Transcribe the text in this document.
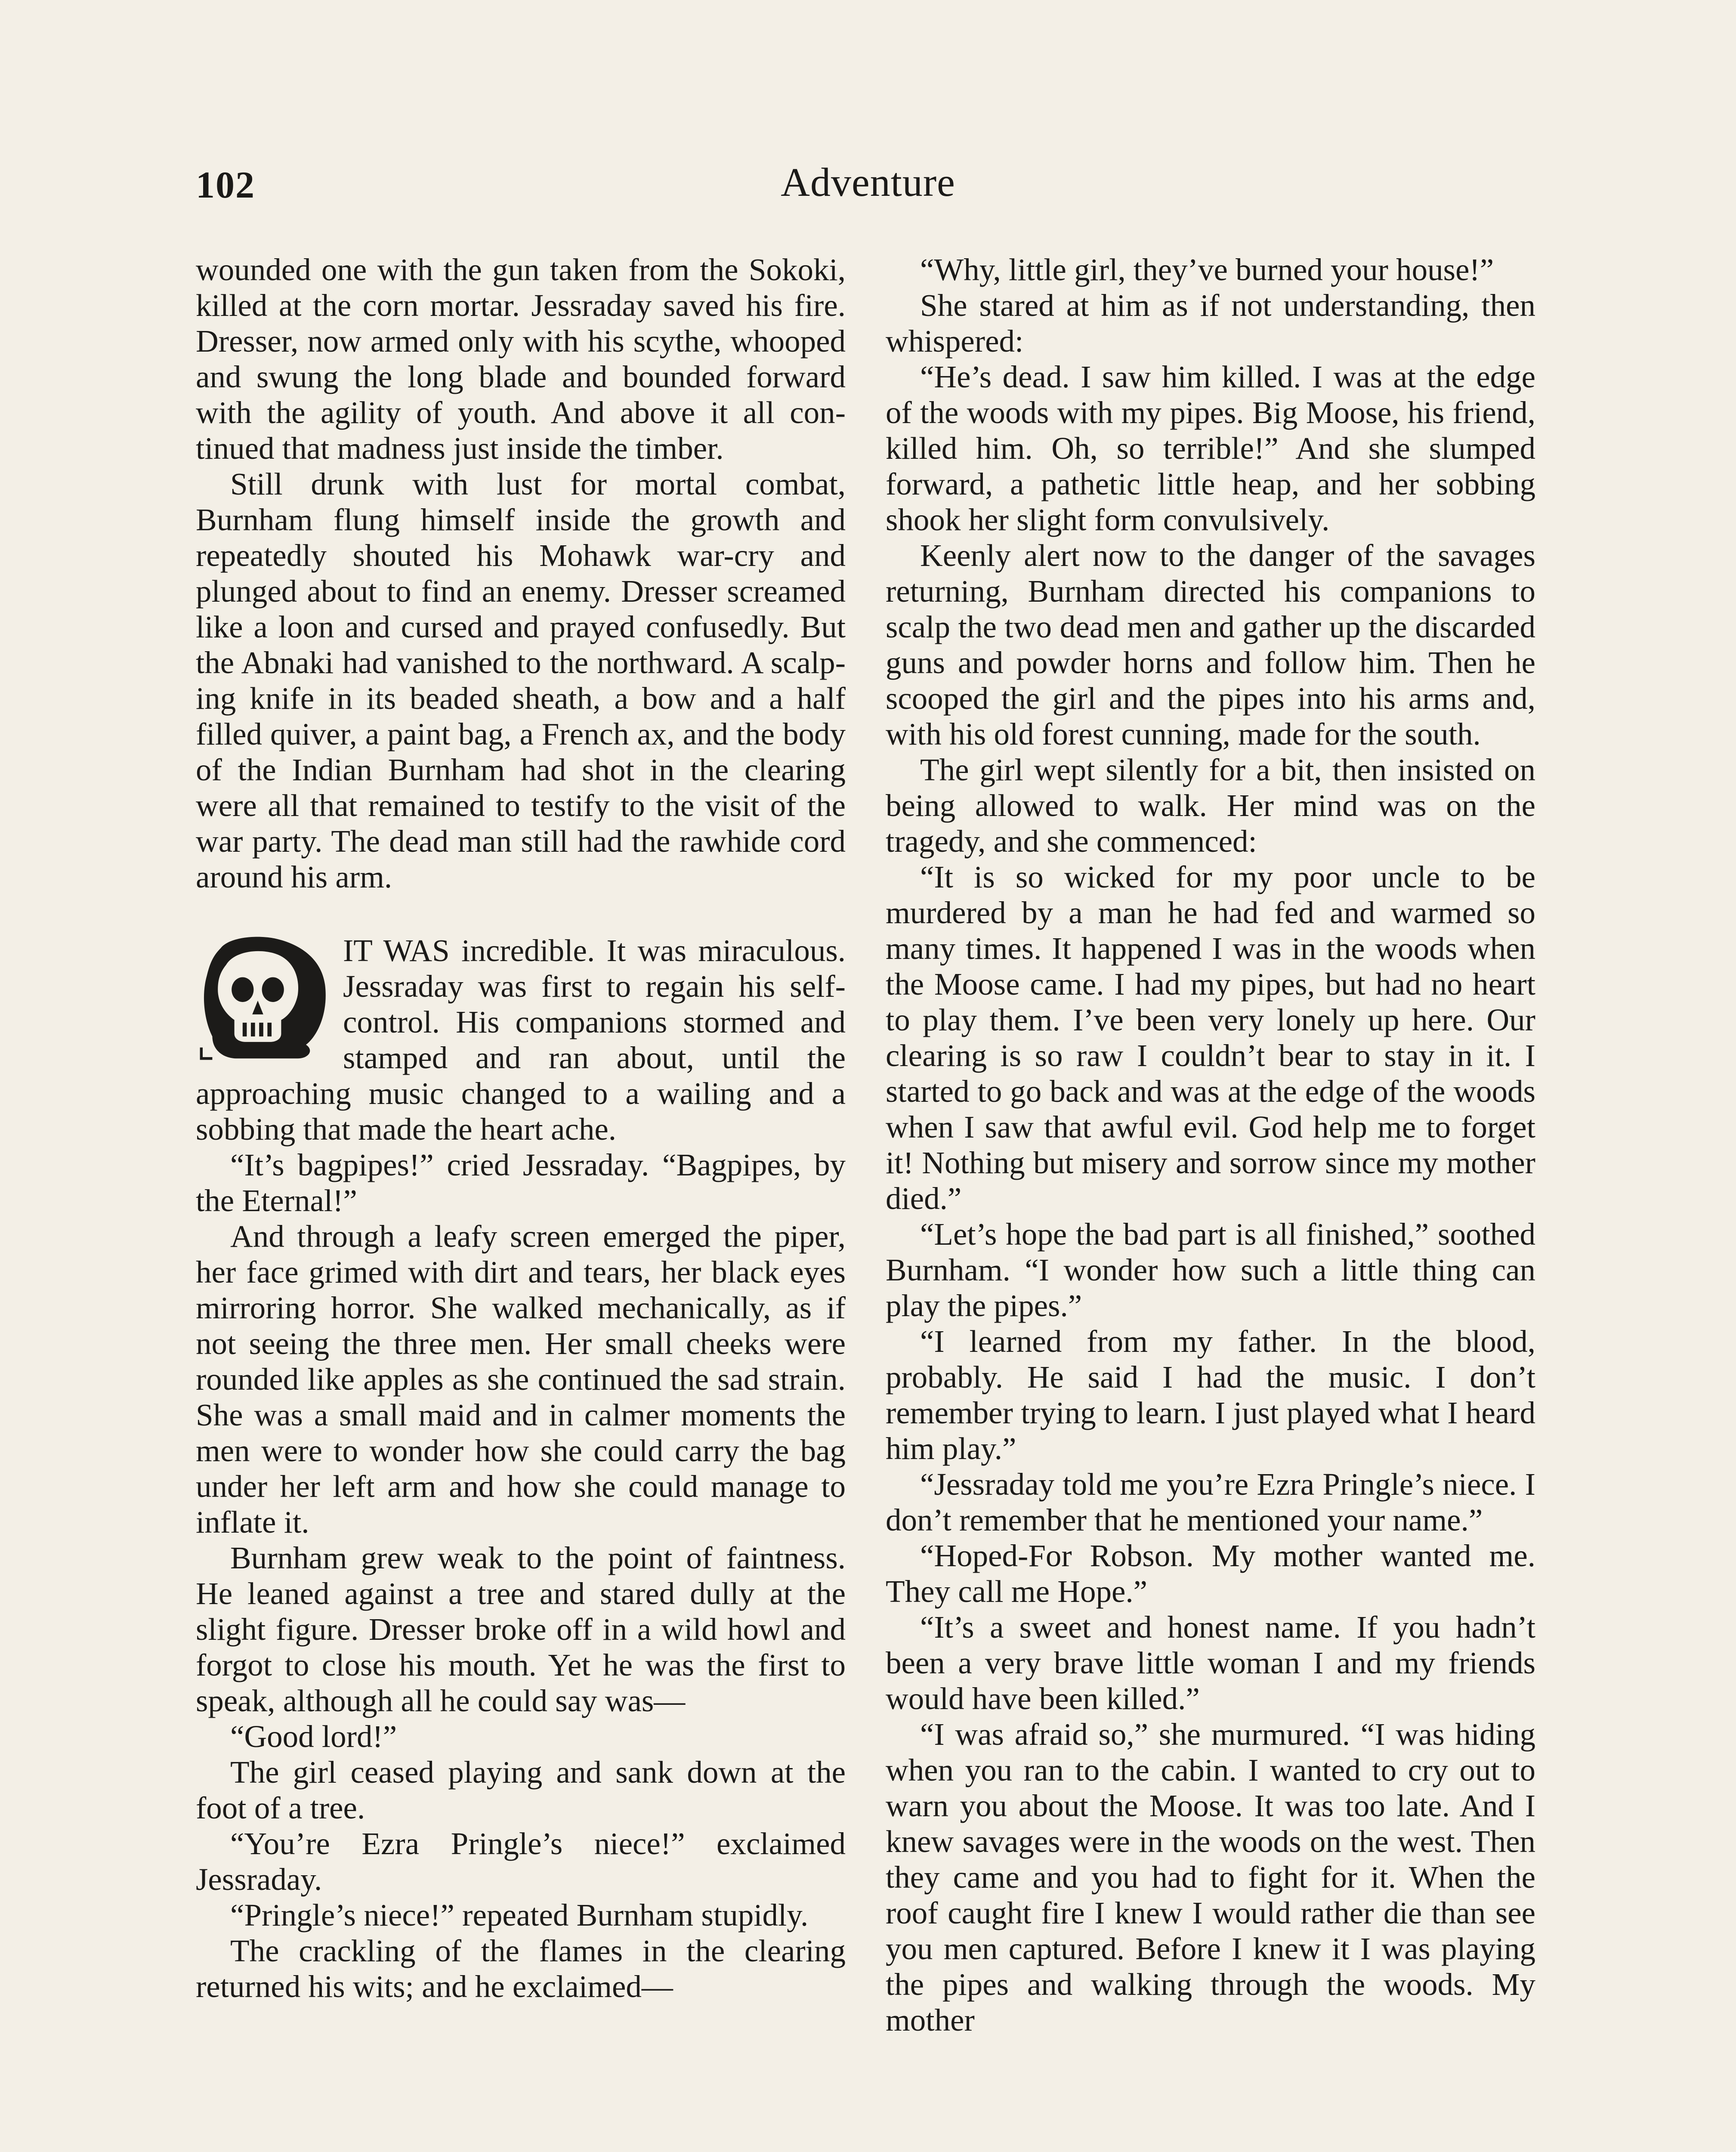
102	Adventure

wounded one with the gun taken from the Sokoki, killed at the corn mortar. Jessraday saved his fire. Dresser, now armed only with his scythe, whooped and swung the long blade and bounded forward with the agility of youth. And above it all continued that madness just inside the timber.

Still drunk with lust for mortal combat, Burnham flung himself inside the growth and repeatedly shouted his Mohawk war-cry and plunged about to find an enemy. Dresser screamed like a loon and cursed and prayed confusedly. But the Abnaki had vanished to the northward. A scalping knife in its beaded sheath, a bow and a half filled quiver, a paint bag, a French ax, and the body of the Indian Burnham had shot in the clearing were all that remained to testify to the visit of the war party. The dead man still had the rawhide cord around his arm.

IT WAS incredible. It was miraculous. Jessraday was first to regain his self-control. His companions stormed and stamped and ran about, until the approaching music changed to a wailing and a sobbing that made the heart ache.

“It’s bagpipes!” cried Jessraday. “Bagpipes, by the Eternal!”

And through a leafy screen emerged the piper, her face grimed with dirt and tears, her black eyes mirroring horror. She walked mechanically, as if not seeing the three men. Her small cheeks were rounded like apples as she continued the sad strain. She was a small maid and in calmer moments the men were to wonder how she could carry the bag under her left arm and how she could manage to inflate it.

Burnham grew weak to the point of faintness. He leaned against a tree and stared dully at the slight figure. Dresser broke off in a wild howl and forgot to close his mouth. Yet he was the first to speak, although all he could say was—

“Good lord!”

The girl ceased playing and sank down at the foot of a tree.

“You’re Ezra Pringle’s niece!” exclaimed Jessraday.

“Pringle’s niece!” repeated Burnham stupidly.

The crackling of the flames in the clearing returned his wits; and he exclaimed—

“Why, little girl, they’ve burned your house!”

She stared at him as if not understanding, then whispered:

“He’s dead. I saw him killed. I was at the edge of the woods with my pipes. Big Moose, his friend, killed him. Oh, so terrible!” And she slumped forward, a pathetic little heap, and her sobbing shook her slight form convulsively.

Keenly alert now to the danger of the savages returning, Burnham directed his companions to scalp the two dead men and gather up the discarded guns and powder horns and follow him. Then he scooped the girl and the pipes into his arms and, with his old forest cunning, made for the south.

The girl wept silently for a bit, then insisted on being allowed to walk. Her mind was on the tragedy, and she commenced:

“It is so wicked for my poor uncle to be murdered by a man he had fed and warmed so many times. It happened I was in the woods when the Moose came. I had my pipes, but had no heart to play them. I’ve been very lonely up here. Our clearing is so raw I couldn’t bear to stay in it. I started to go back and was at the edge of the woods when I saw that awful evil. God help me to forget it! Nothing but misery and sorrow since my mother died.”

“Let’s hope the bad part is all finished,” soothed Burnham. “I wonder how such a little thing can play the pipes.”

“I learned from my father. In the blood, probably. He said I had the music. I don’t remember trying to learn. I just played what I heard him play.”

“Jessraday told me you’re Ezra Pringle’s niece. I don’t remember that he mentioned your name.”

“Hoped-For Robson. My mother wanted me. They call me Hope.”

“It’s a sweet and honest name. If you hadn’t been a very brave little woman I and my friends would have been killed.”

“I was afraid so,” she murmured. “I was hiding when you ran to the cabin. I wanted to cry out to warn you about the Moose. It was too late. And I knew savages were in the woods on the west. Then they came and you had to fight for it. When the roof caught fire I knew I would rather die than see you men captured. Before I knew it I was playing the pipes and walking through the woods. My mother
